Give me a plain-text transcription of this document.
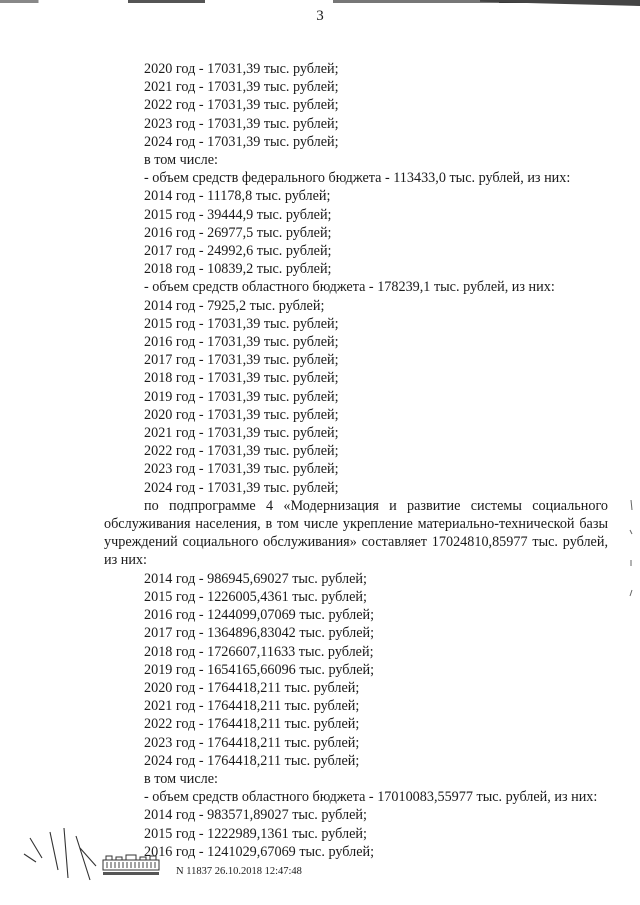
3
2020 год - 17031,39 тыс. рублей;
2021 год - 17031,39 тыс. рублей;
2022 год - 17031,39 тыс. рублей;
2023 год - 17031,39 тыс. рублей;
2024 год - 17031,39 тыс. рублей;
в том числе:
- объем средств федерального бюджета - 113433,0 тыс. рублей, из них:
2014 год - 11178,8 тыс. рублей;
2015 год - 39444,9 тыс. рублей;
2016 год - 26977,5 тыс. рублей;
2017 год - 24992,6 тыс. рублей;
2018 год - 10839,2 тыс. рублей;
- объем средств областного бюджета - 178239,1 тыс. рублей, из них:
2014 год - 7925,2 тыс. рублей;
2015 год - 17031,39 тыс. рублей;
2016 год - 17031,39 тыс. рублей;
2017 год - 17031,39 тыс. рублей;
2018 год - 17031,39 тыс. рублей;
2019 год - 17031,39 тыс. рублей;
2020 год - 17031,39 тыс. рублей;
2021 год - 17031,39 тыс. рублей;
2022 год - 17031,39 тыс. рублей;
2023 год - 17031,39 тыс. рублей;
2024 год - 17031,39 тыс. рублей;

по подпрограмме 4 «Модернизация и развитие системы социального обслуживания населения, в том числе укрепление материально-технической базы учреждений социального обслуживания» составляет 17024810,85977 тыс. рублей, из них:

2014 год - 986945,69027 тыс. рублей;
2015 год - 1226005,4361 тыс. рублей;
2016 год - 1244099,07069 тыс. рублей;
2017 год - 1364896,83042 тыс. рублей;
2018 год - 1726607,11633 тыс. рублей;
2019 год - 1654165,66096 тыс. рублей;
2020 год - 1764418,211 тыс. рублей;
2021 год - 1764418,211 тыс. рублей;
2022 год - 1764418,211 тыс. рублей;
2023 год - 1764418,211 тыс. рублей;
2024 год - 1764418,211 тыс. рублей;
в том числе:

- объем средств областного бюджета - 17010083,55977 тыс. рублей, из них:

2014 год - 983571,89027 тыс. рублей;
2015 год - 1222989,1361 тыс. рублей;
2016 год - 1241029,67069 тыс. рублей;
N 11837 26.10.2018 12:47:48
